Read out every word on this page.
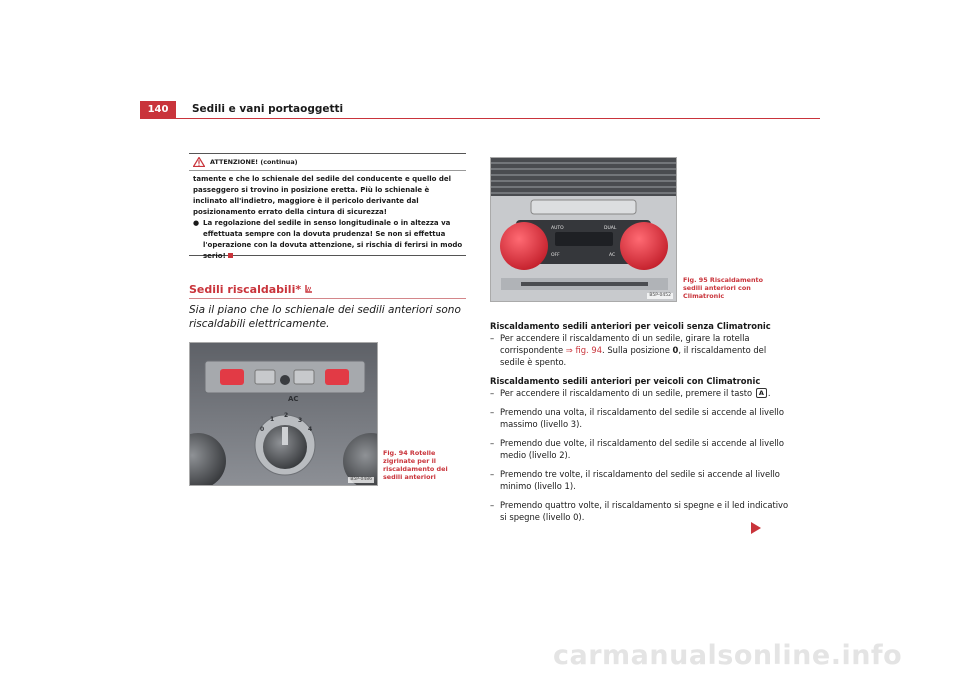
140	Sedili e vani portaoggetti
ATTENZIONE! (continua)

tamente e che lo schienale del sedile del conducente e quello del passeggero si trovino in posizione eretta. Più lo schienale è inclinato all'indietro, maggiore è il pericolo derivante dal posizionamento errato della cintura di sicurezza!

● La regolazione del sedile in senso longitudinale o in altezza va effettuata sempre con la dovuta prudenza! Se non si effettua l'operazione con la dovuta attenzione, si rischia di ferirsi in modo serio!
Sedili riscaldabili*
Sia il piano che lo schienale dei sedili anteriori sono riscaldabili elettricamente.
AC
0
1
2
3
4
B5P-0486
Fig. 94 Rotelle zigrinate per il riscaldamento dei sedili anteriori
AUTO	DUAL
OFF	AC
B5P-0452
Fig. 95 Riscaldamento sedili anteriori con Climatronic
Riscaldamento sedili anteriori per veicoli senza Climatronic
– Per accendere il riscaldamento di un sedile, girare la rotella corrispondente ⇒ fig. 94. Sulla posizione 0, il riscaldamento del sedile è spento.
Riscaldamento sedili anteriori per veicoli con Climatronic
– Per accendere il riscaldamento di un sedile, premere il tasto A .
– Premendo una volta, il riscaldamento del sedile si accende al livello massimo (livello 3).
– Premendo due volte, il riscaldamento del sedile si accende al livello medio (livello 2).
– Premendo tre volte, il riscaldamento del sedile si accende al livello minimo (livello 1).
– Premendo quattro volte, il riscaldamento si spegne e il led indicativo si spegne (livello 0).
carmanualsonline.info
